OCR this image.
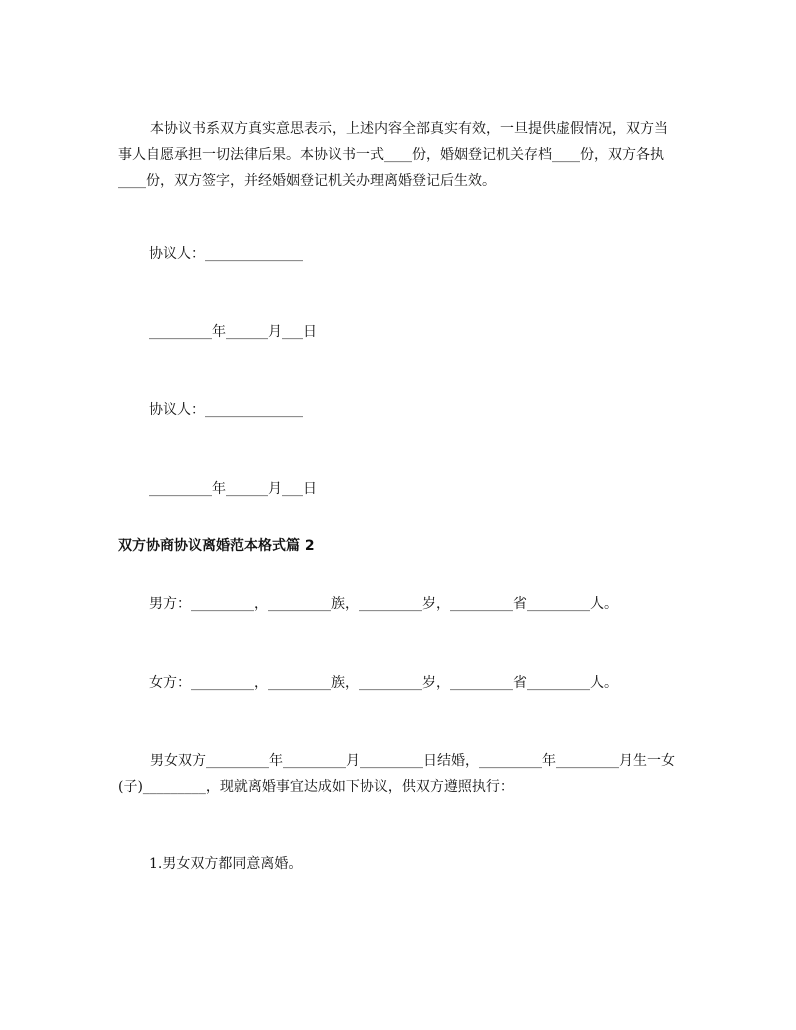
本协议书系双方真实意思表示，上述内容全部真实有效，一旦提供虚假情况，双方当事人自愿承担一切法律后果。本协议书一式____份，婚姻登记机关存档____份，双方各执____份，双方签字，并经婚姻登记机关办理离婚登记后生效。

协议人：______________

_________年______月___日

协议人：______________

_________年______月___日

双方协商协议离婚范本格式篇 2

男方：_________，_________族，_________岁，_________省_________人。

女方：_________，_________族，_________岁，_________省_________人。

男女双方_________年_________月_________日结婚，_________年_________月生一女(子)_________，现就离婚事宜达成如下协议，供双方遵照执行：

1.男女双方都同意离婚。
